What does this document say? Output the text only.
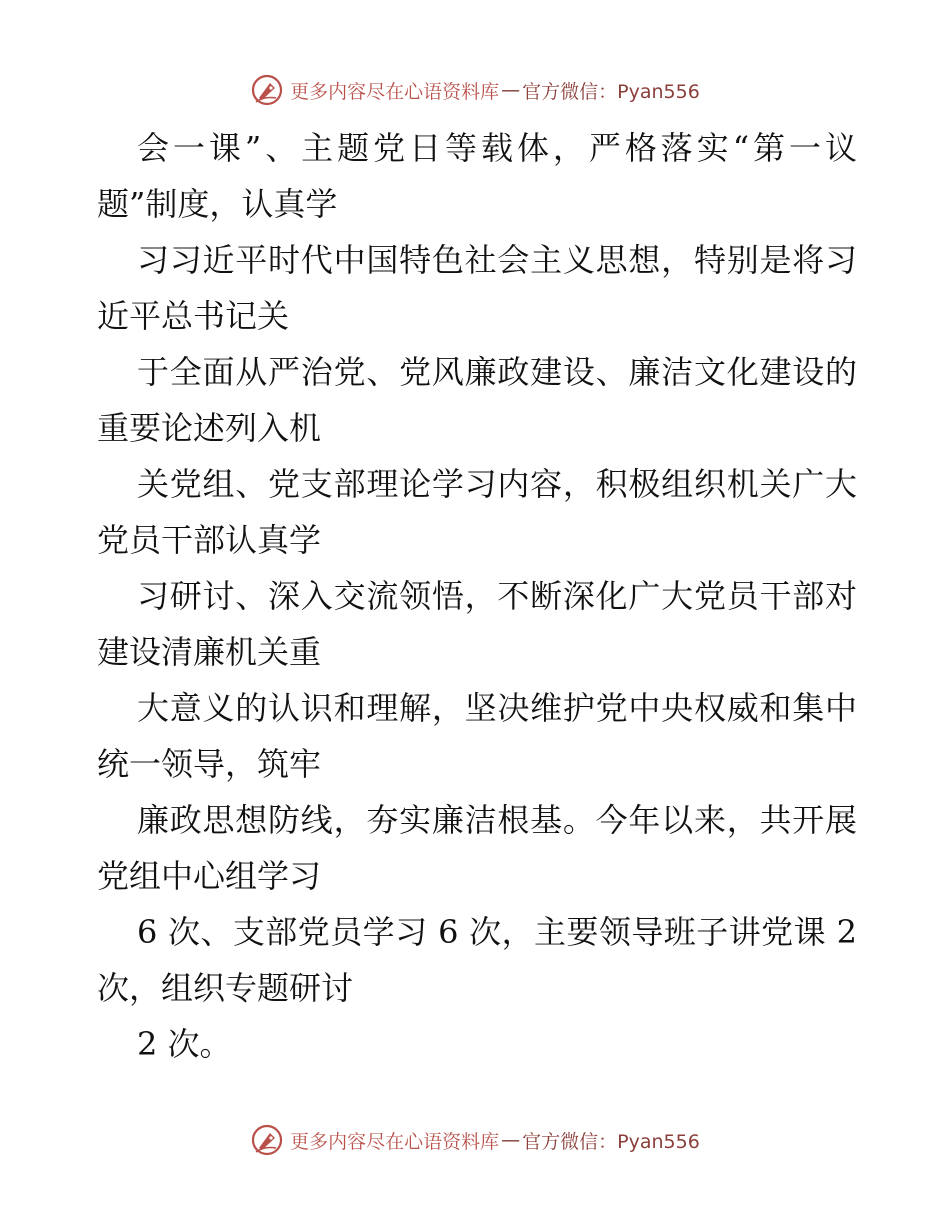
更多内容尽在心语资料库 — 官方微信：Pyan556

会一课”、主题党日等载体，严格落实“第一议题”制度，认真学

习习近平时代中国特色社会主义思想，特别是将习近平总书记关

于全面从严治党、党风廉政建设、廉洁文化建设的重要论述列入机

关党组、党支部理论学习内容，积极组织机关广大党员干部认真学

习研讨、深入交流领悟，不断深化广大党员干部对建设清廉机关重

大意义的认识和理解，坚决维护党中央权威和集中统一领导，筑牢

廉政思想防线，夯实廉洁根基。今年以来，共开展党组中心组学习

6 次、支部党员学习 6 次，主要领导班子讲党课 2 次，组织专题研讨

2 次。

更多内容尽在心语资料库 — 官方微信：Pyan556
